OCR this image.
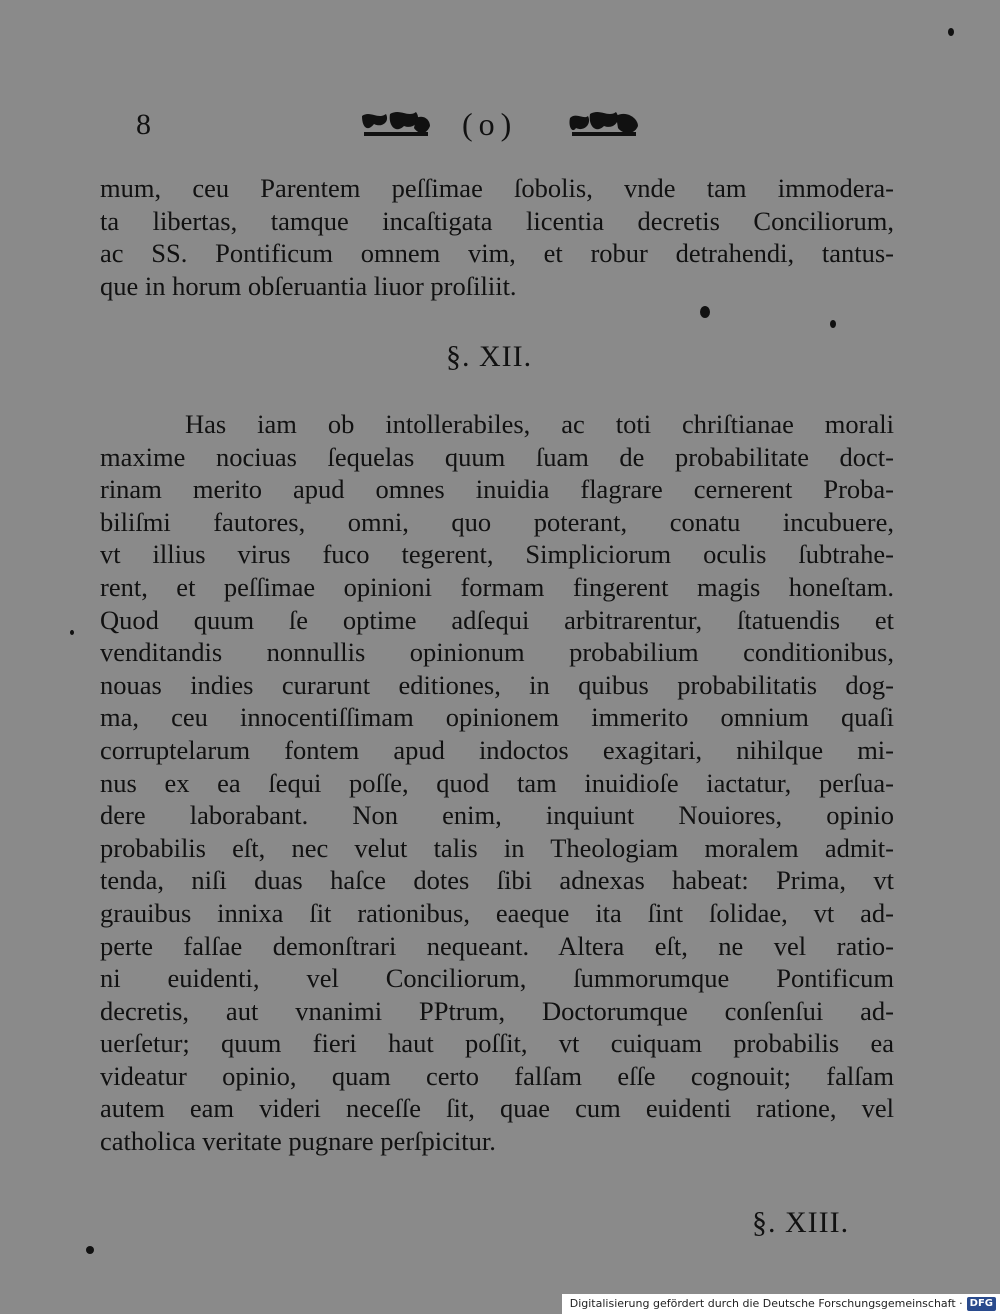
8	(o)
mum, ceu Parentem peſſimae ſobolis, vnde tam immodera-
ta libertas, tamque incaſtigata licentia decretis Conciliorum,
ac SS. Pontificum omnem vim, et robur detrahendi, tantus-
que in horum obſeruantia liuor proſiliit.
§. XII.
Has iam ob intollerabiles, ac toti chriſtianae morali
maxime nociuas ſequelas quum ſuam de probabilitate doct-
rinam merito apud omnes inuidia flagrare cernerent Proba-
biliſmi fautores, omni, quo poterant, conatu incubuere,
vt illius virus fuco tegerent, Simpliciorum oculis ſubtrahe-
rent, et peſſimae opinioni formam fingerent magis honeſtam.
Quod quum ſe optime adſequi arbitrarentur, ſtatuendis et
venditandis nonnullis opinionum probabilium conditionibus,
nouas indies curarunt editiones, in quibus probabilitatis dog-
ma, ceu innocentiſſimam opinionem immerito omnium quaſi
corruptelarum fontem apud indoctos exagitari, nihilque mi-
nus ex ea ſequi poſſe, quod tam inuidioſe iactatur, perſua-
dere laborabant. Non enim, inquiunt Nouiores, opinio
probabilis eſt, nec velut talis in Theologiam moralem admit-
tenda, niſi duas haſce dotes ſibi adnexas habeat: Prima, vt
grauibus innixa ſit rationibus, eaeque ita ſint ſolidae, vt ad-
perte falſae demonſtrari nequeant. Altera eſt, ne vel ratio-
ni euidenti, vel Conciliorum, ſummorumque Pontificum
decretis, aut vnanimi PPtrum, Doctorumque conſenſui ad-
uerſetur; quum fieri haut poſſit, vt cuiquam probabilis ea
videatur opinio, quam certo falſam eſſe cognouit; falſam
autem eam videri neceſſe ſit, quae cum euidenti ratione, vel
catholica veritate pugnare perſpicitur.
§. XIII.
Digitalisierung gefördert durch die Deutsche Forschungsgemeinschaft · DFG
